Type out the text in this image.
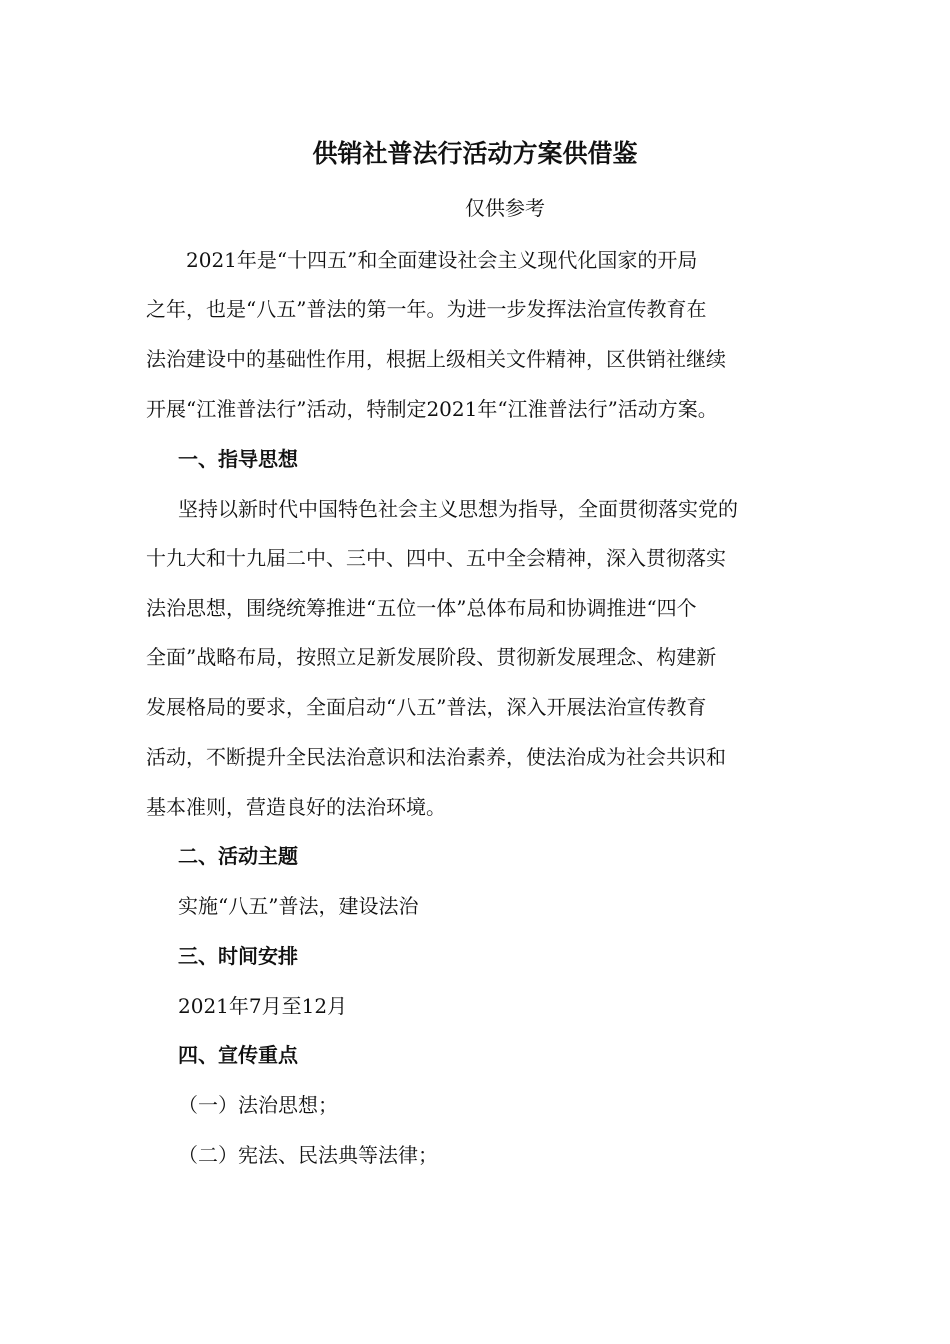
供销社普法行活动方案供借鉴

仅供参考

　　2021年是“十四五”和全面建设社会主义现代化国家的开局

之年，也是“八五”普法的第一年。为进一步发挥法治宣传教育在

法治建设中的基础性作用，根据上级相关文件精神，区供销社继续

开展“江淮普法行”活动，特制定2021年“江淮普法行”活动方案。

一、指导思想

坚持以新时代中国特色社会主义思想为指导，全面贯彻落实党的

十九大和十九届二中、三中、四中、五中全会精神，深入贯彻落实

法治思想，围绕统筹推进“五位一体”总体布局和协调推进“四个

全面”战略布局，按照立足新发展阶段、贯彻新发展理念、构建新

发展格局的要求，全面启动“八五”普法，深入开展法治宣传教育

活动，不断提升全民法治意识和法治素养，使法治成为社会共识和

基本准则，营造良好的法治环境。

二、活动主题

实施“八五”普法，建设法治

三、时间安排

2021年7月至12月

四、宣传重点

（一）法治思想；

（二）宪法、民法典等法律；
